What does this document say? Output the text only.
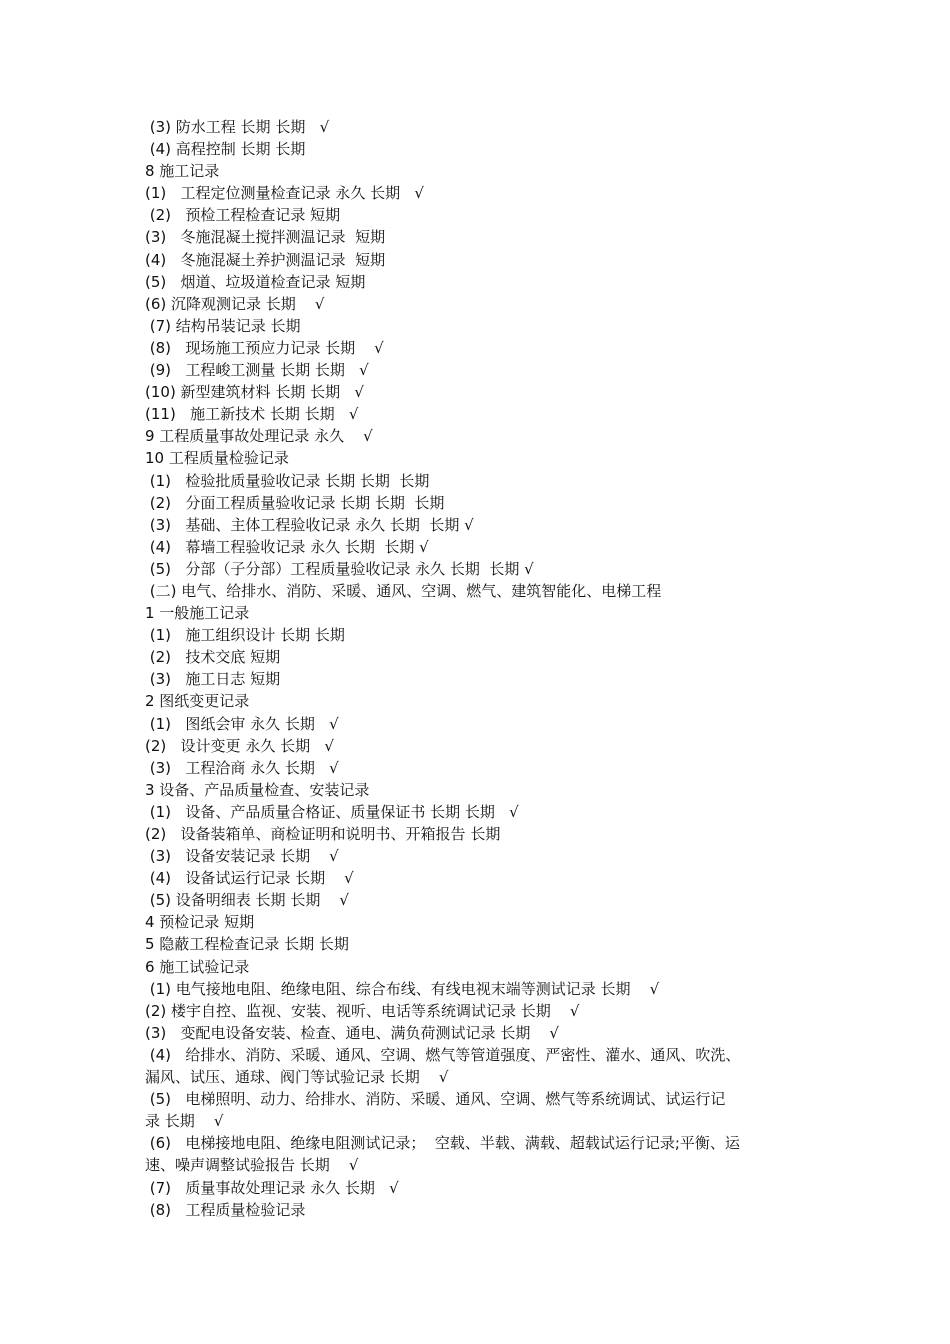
(3) 防水工程 长期 长期   √
(4) 高程控制 长期 长期
8 施工记录
(1)   工程定位测量检查记录 永久 长期   √
(2)   预检工程检查记录 短期
(3)   冬施混凝土搅拌测温记录  短期
(4)   冬施混凝土养护测温记录  短期
(5)   烟道、垃圾道检查记录 短期
(6) 沉降观测记录 长期    √
(7) 结构吊装记录 长期
(8)   现场施工预应力记录 长期    √
(9)   工程峻工测量 长期 长期   √
(10) 新型建筑材料 长期 长期   √
(11)   施工新技术 长期 长期   √
9 工程质量事故处理记录 永久    √
10 工程质量检验记录
(1)   检验批质量验收记录 长期 长期  长期
(2)   分面工程质量验收记录 长期 长期  长期
(3)   基础、主体工程验收记录 永久 长期  长期 √
(4)   幕墙工程验收记录 永久 长期  长期 √
(5)   分部（子分部）工程质量验收记录 永久 长期  长期 √
(二) 电气、给排水、消防、采暖、通风、空调、燃气、建筑智能化、电梯工程
1 一般施工记录
(1)   施工组织设计 长期 长期
(2)   技术交底 短期
(3)   施工日志 短期
2 图纸变更记录
(1)   图纸会审 永久 长期   √
(2)   设计变更 永久 长期   √
(3)   工程洽商 永久 长期   √
3 设备、产品质量检查、安装记录
(1)   设备、产品质量合格证、质量保证书 长期 长期   √
(2)   设备装箱单、商检证明和说明书、开箱报告 长期
(3)   设备安装记录 长期    √
(4)   设备试运行记录 长期    √
(5) 设备明细表 长期 长期    √
4 预检记录 短期
5 隐蔽工程检查记录 长期 长期
6 施工试验记录
(1) 电气接地电阻、绝缘电阻、综合布线、有线电视末端等测试记录 长期    √
(2) 楼宇自控、监视、安装、视听、电话等系统调试记录 长期    √
(3)   变配电设备安装、检查、通电、满负荷测试记录 长期    √
(4)   给排水、消防、采暖、通风、空调、燃气等管道强度、严密性、灌水、通风、吹洗、
漏风、试压、通球、阀门等试验记录 长期    √
(5)   电梯照明、动力、给排水、消防、采暖、通风、空调、燃气等系统调试、试运行记
录 长期    √
(6)   电梯接地电阻、绝缘电阻测试记录；  空载、半载、满载、超载试运行记录;平衡、运
速、噪声调整试验报告 长期    √
(7)   质量事故处理记录 永久 长期   √
(8)   工程质量检验记录
